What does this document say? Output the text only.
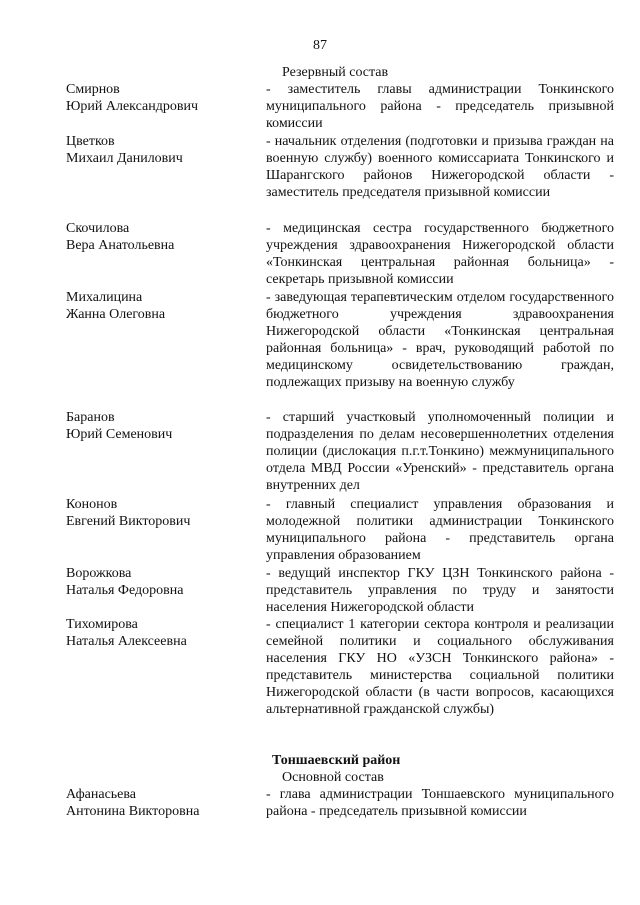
87
Резервный состав
Смирнов
Юрий Александрович
- заместитель главы администрации Тонкинского муниципального района - председатель призывной комиссии
Цветков
Михаил Данилович
- начальник отделения (подготовки и призыва граждан на военную службу) военного комиссариата Тонкинского и Шарангского районов Нижегородской области - заместитель председателя призывной комиссии
Скочилова
Вера Анатольевна
- медицинская сестра государственного бюджетного учреждения здравоохранения Нижегородской области «Тонкинская центральная районная больница» - секретарь призывной комиссии
Михалицина
Жанна Олеговна
- заведующая терапевтическим отделом государственного бюджетного учреждения здравоохранения Нижегородской области «Тонкинская центральная районная больница» - врач, руководящий работой по медицинскому освидетельствованию граждан, подлежащих призыву на военную службу
Баранов
Юрий Семенович
- старший участковый уполномоченный полиции и подразделения по делам несовершеннолетних отделения полиции (дислокация п.г.т.Тонкино) межмуниципального отдела МВД России «Уренский» - представитель органа внутренних дел
Кононов
Евгений Викторович
- главный специалист управления образования и молодежной политики администрации Тонкинского муниципального района - представитель органа управления образованием
Ворожкова
Наталья Федоровна
- ведущий инспектор ГКУ ЦЗН Тонкинского района - представитель управления по труду и занятости населения Нижегородской области
Тихомирова
Наталья Алексеевна
- специалист 1 категории сектора контроля и реализации семейной политики и социального обслуживания населения ГКУ НО «УЗСН Тонкинского района» - представитель министерства социальной политики Нижегородской области (в части вопросов, касающихся альтернативной гражданской службы)
Тоншаевский район
Основной состав
Афанасьева
Антонина Викторовна
- глава администрации Тоншаевского муниципального района - председатель призывной комиссии
